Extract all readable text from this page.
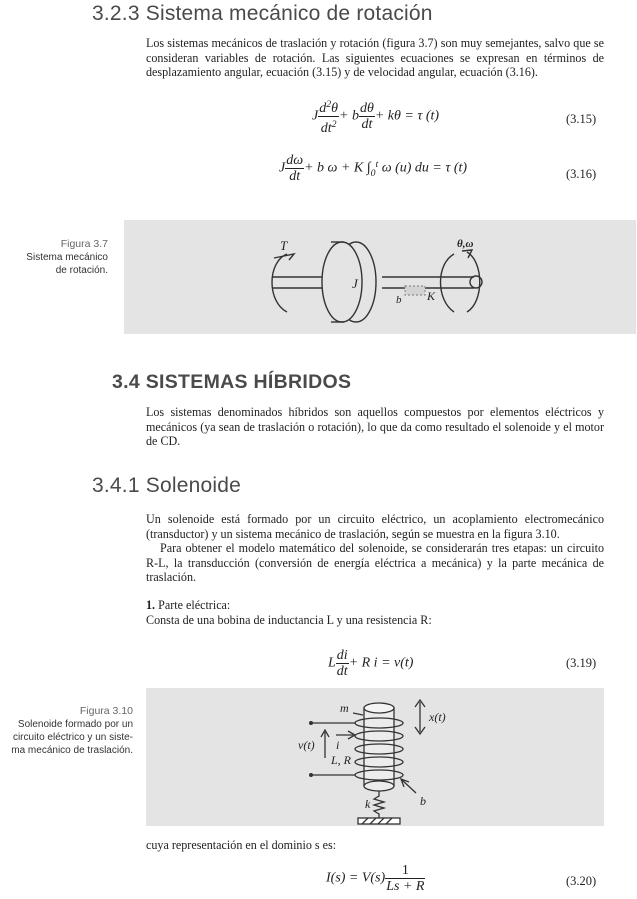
3.2.3 Sistema mecánico de rotación

Los sistemas mecánicos de traslación y rotación (figura 3.7) son muy semejantes, salvo que se consideran variables de rotación. Las siguientes ecuaciones se expresan en términos de desplazamiento angular, ecuación (3.15) y de velocidad angular, ecuación (3.16).

J $\frac{d^2\theta}{dt^2} + b \frac{d\theta}{dt} + k\theta = \tau$ (t)	(3.15)
J $\frac{d\omega}{dt} + b$ ω + K $\int_0^t$ ω (u) du = τ (t)	(3.16)
Figura 3.7
Sistema mecánico
de rotación.
T
J
b K
θ,ω
3.4 SISTEMAS HÍBRIDOS

Los sistemas denominados híbridos son aquellos compuestos por elementos eléctricos y mecánicos (ya sean de traslación o rotación), lo que da como resultado el solenoide y el motor de CD.

3.4.1 Solenoide

Un solenoide está formado por un circuito eléctrico, un acoplamiento electromecánico (transductor) y un sistema mecánico de traslación, según se muestra en la figura 3.10.

Para obtener el modelo matemático del solenoide, se considerarán tres etapas: un circuito R-L, la transducción (conversión de energía eléctrica a mecánica) y la parte mecánica de traslación.

1. Parte eléctrica:

Consta de una bobina de inductancia L y una resistencia R:

L $\frac{di}{dt} + R$ i = v(t)	(3.19)
Figura 3.10
Solenoide formado por un
circuito eléctrico y un siste-
ma mecánico de traslación.
m
x(t)
v(t) i
L, R
b
k

cuya representación en el dominio s es:

$I(s) = V(s) \frac{1}{Ls + R}$	(3.20)
